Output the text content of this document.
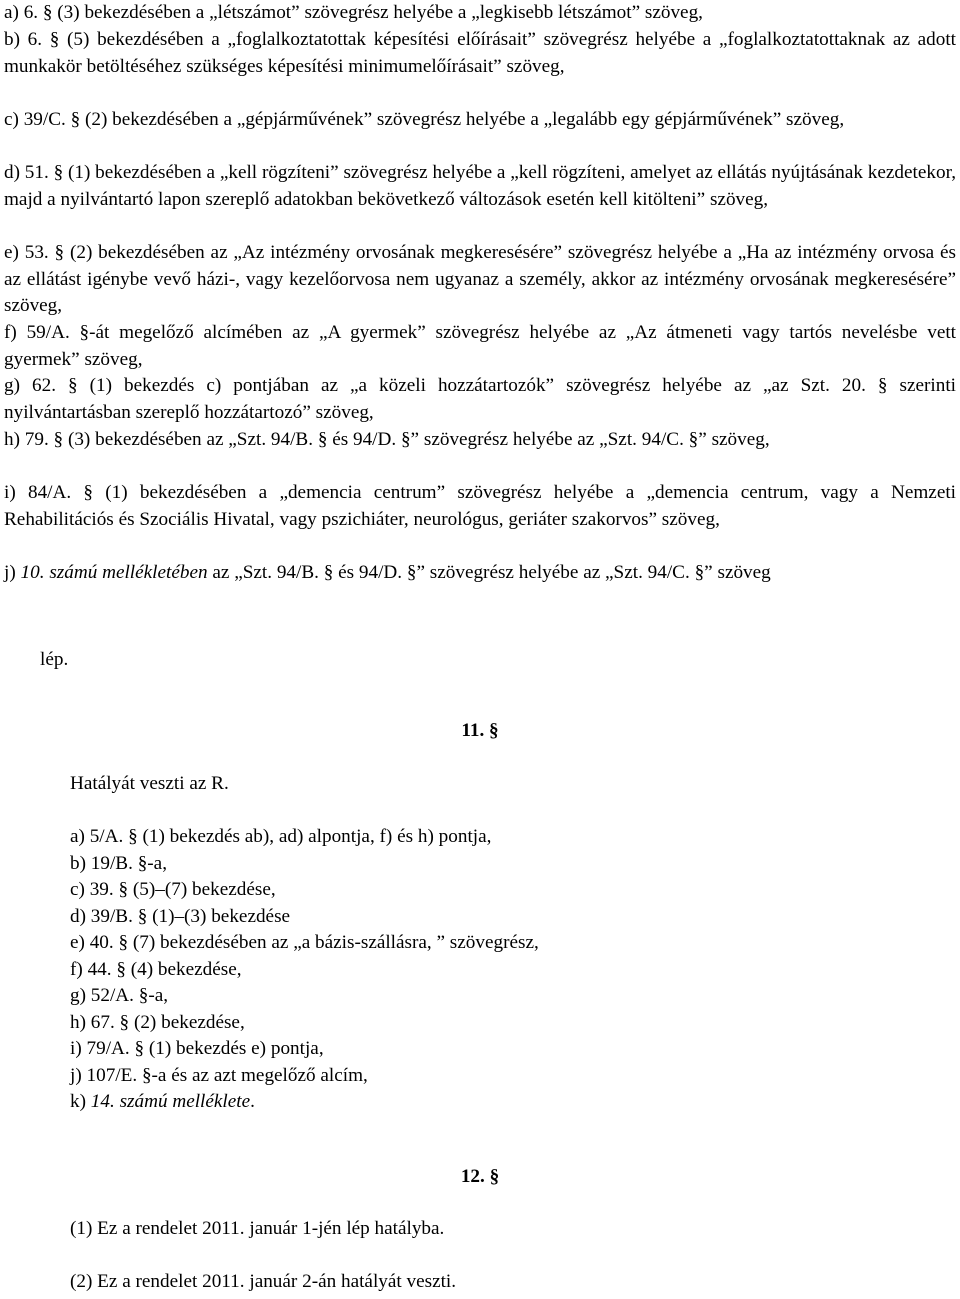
a) 6. § (3) bekezdésében a „létszámot” szövegrész helyébe a „legkisebb létszámot” szöveg,

b) 6. § (5) bekezdésében a „foglalkoztatottak képesítési előírásait” szövegrész helyébe a „foglalkoztatottaknak az adott munkakör betöltéséhez szükséges képesítési minimumelőírásait” szöveg,

c) 39/C. § (2) bekezdésében a „gépjárművének” szövegrész helyébe a „legalább egy gépjárművének” szöveg,

d) 51. § (1) bekezdésében a „kell rögzíteni” szövegrész helyébe a „kell rögzíteni, amelyet az ellátás nyújtásának kezdetekor, majd a nyilvántartó lapon szereplő adatokban bekövetkező változások esetén kell kitölteni” szöveg,

e) 53. § (2) bekezdésében az „Az intézmény orvosának megkeresésére” szövegrész helyébe a „Ha az intézmény orvosa és az ellátást igénybe vevő házi-, vagy kezelőorvosa nem ugyanaz a személy, akkor az intézmény orvosának megkeresésére” szöveg,

f) 59/A. §-át megelőző alcímében az „A gyermek” szövegrész helyébe az „Az átmeneti vagy tartós nevelésbe vett gyermek” szöveg,

g) 62. § (1) bekezdés c) pontjában az „a közeli hozzátartozók” szövegrész helyébe az „az Szt. 20. § szerinti nyilvántartásban szereplő hozzátartozó” szöveg,

h) 79. § (3) bekezdésében az „Szt. 94/B. § és 94/D. §” szövegrész helyébe az „Szt. 94/C. §” szöveg,

i) 84/A. § (1) bekezdésében a „demencia centrum” szövegrész helyébe a „demencia centrum, vagy a Nemzeti Rehabilitációs és Szociális Hivatal, vagy pszichiáter, neurológus, geriáter szakorvos” szöveg,

j) 10. számú mellékletében az „Szt. 94/B. § és 94/D. §” szövegrész helyébe az „Szt. 94/C. §” szöveg

lép.

11. §

Hatályát veszti az R.

a) 5/A. § (1) bekezdés ab), ad) alpontja, f) és h) pontja,
b) 19/B. §-a,
c) 39. § (5)–(7) bekezdése,
d) 39/B. § (1)–(3) bekezdése
e) 40. § (7) bekezdésében az „a bázis-szállásra, ” szövegrész,
f) 44. § (4) bekezdése,
g) 52/A. §-a,
h) 67. § (2) bekezdése,
i) 79/A. § (1) bekezdés e) pontja,
j) 107/E. §-a és az azt megelőző alcím,
k) 14. számú melléklete.
12. §

(1) Ez a rendelet 2011. január 1-jén lép hatályba.

(2) Ez a rendelet 2011. január 2-án hatályát veszti.
